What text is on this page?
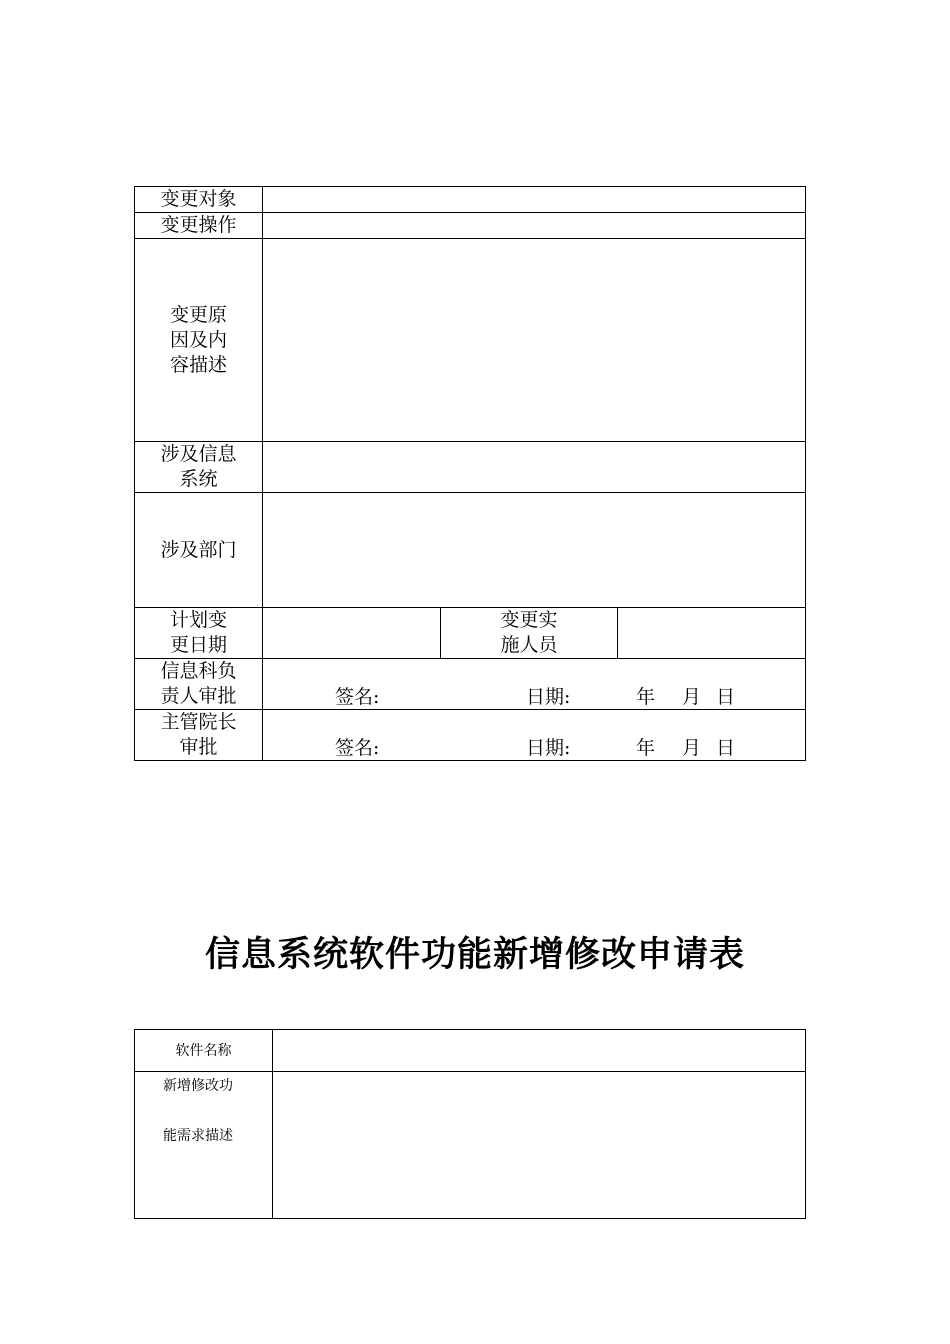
变更对象			

变更操作			

变更原
因及内
容描述			

涉及信息
系统			

涉及部门			

计划变
更日期		变更实
施人员	

信息科负
责人审批	签名: 日期: 年 月 日		

主管院长
审批	签名: 日期: 年 月 日		
信息系统软件功能新增修改申请表
软件名称	

新增修改功
能需求描述	
